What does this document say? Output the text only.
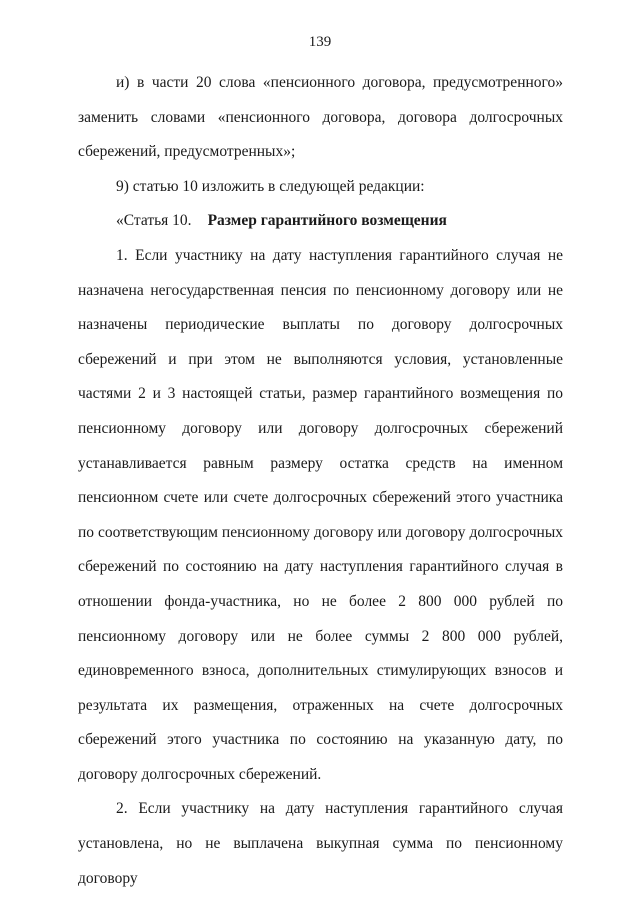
139

и) в части 20 слова «пенсионного договора, предусмотренного» заменить словами «пенсионного договора, договора долгосрочных сбережений, предусмотренных»;

9) статью 10 изложить в следующей редакции:

«Статья 10. Размер гарантийного возмещения

1. Если участнику на дату наступления гарантийного случая не назначена негосударственная пенсия по пенсионному договору или не назначены периодические выплаты по договору долгосрочных сбережений и при этом не выполняются условия, установленные частями 2 и 3 настоящей статьи, размер гарантийного возмещения по пенсионному договору или договору долгосрочных сбережений устанавливается равным размеру остатка средств на именном пенсионном счете или счете долгосрочных сбережений этого участника по соответствующим пенсионному договору или договору долгосрочных сбережений по состоянию на дату наступления гарантийного случая в отношении фонда-участника, но не более 2 800 000 рублей по пенсионному договору или не более суммы 2 800 000 рублей, единовременного взноса, дополнительных стимулирующих взносов и результата их размещения, отраженных на счете долгосрочных сбережений этого участника по состоянию на указанную дату, по договору долгосрочных сбережений.

2. Если участнику на дату наступления гарантийного случая установлена, но не выплачена выкупная сумма по пенсионному договору
